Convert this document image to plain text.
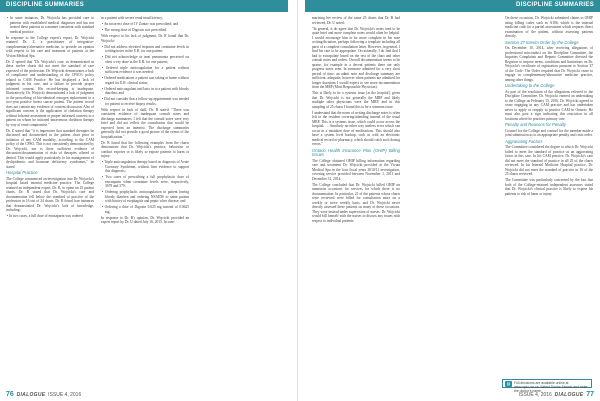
DISCIPLINE SUMMARIES	DISCIPLINE SUMMARIES

• In some instances, Dr. Wojcicki has provided care to patients with established medical diagnoses and has not treated these patients in a manner consistent with standard medical practice.

In response to the College expert's report, Dr. Wojcicki retained Dr. Z, a practitioner of integrative-complementary/alternative medicine, to provide an opinion with respect to his care and treatment of patients at the Vivian Medical Spa.

Dr. Z opined that "Dr. Wojcicki's care, as demonstrated in these twelve charts did not meet the standard of care expected of the profession. Dr. Wojcicki demonstrates a lack of compliance and understanding of the CPSO's policy related to CAM Practice. He has displayed a lack of judgment in his care, and a failure to provide proper informed consent. His record-keeping is inadequate. Illustratively, Dr. Wojcicki demonstrated a lack of judgment in the prescribing of bio-identical estrogen replacement to a two-year positive breast cancer patient. The patient record does not contain any evidence of consent discussion. Also of significant concern is the application of chelation therapy without fulsome assessment or proper informed consent; to a patient on whom he initiated intravenous chelation therapy by way of renal compromise."

Dr. Z stated that "it is imperative that standard therapies be discussed and documented in the patient chart prior to initiation of any CAM modality, according to the CAM policy of the CPSO. This is not consistently demonstrated by Dr. Wojcicki, nor is there sufficient evidence of discussion/documentation of risks of therapies offered or denied. This would apply particularly to his management of dyslipidemia, and hormone deficiency syndromes," he stated.

Hospital Practice

The College commenced an investigation into Dr. Wojcicki's hospital based internal medicine practice. The College retained an independent expert, Dr. R, to opine on 25 patient charts. Dr. R stated that Dr. Wojcicki's care and documentation fell below the standard of practice of the profession in 16 out of 24 charts. Dr. R found four instances that demonstrated Dr. Wojcicki's lack of knowledge, including:

• In two cases, a full dose of enoxaparin was ordered

in a patient with severe renal insufficiency;

• An incorrect dose of IV Zantac was prescribed; and

• The wrong dose of Digoxin was prescribed.

With respect to his lack of judgment, Dr. R found that Dr. Wojcicki:

• Did not address elevated troponin and creatinine levels in writing/notes in the E.R. for one patient;

• Did not acknowledge or treat pneumonia perceived on chest x-ray done in the E.R. for one patient;

• Ordered triple anticoagulation for a patient without sufficient evidence it was needed;

• Ordered medications a patient was taking at home without regard for E.R. clinical status;

• Ordered anticoagulant and lasix in to a patient with bloody diarrhea; and

• Did not consider that a follow-up appointment was needed for patient to receive biopsy results.

With respect to lack of skill, Dr. R stated: "There was consistent evidence of inadequate consult notes and discharge summaries. I felt that the consult notes were very brief and did not reflect the consultation that would be expected from an internist. The discharge summaries generally did not provide a good picture of the events of the hospitalization."

Dr. R found that the following examples from the charts demonstrate that Dr. Wojcicki's practice, behaviour or conduct exposes or is likely to expose patients to harm or injury:

• Triple anticoagulation therapy based on diagnosis of Acute Coronary Syndrome, without firm evidence to support this diagnosis;

• Two cases of prescribing a full prophylactic dose of enoxaparin when creatinine levels were, respectively, 3679 and 379;

• Ordering prophylactic anticoagulation in patient having bloody diarrhea and ordering NSAIDS to same patient with history of esophagitis and peptic ulcer disease; and

• Ordering a dose of Digoxin 0.625 mg instead of 0.0625 mg.

In response to Dr. R's opinion, Dr. Wojcicki provided an expert report by Dr. U dated July 16, 2015. In sum-

marizing her review of the same 25 charts that Dr. R had reviewed, Dr. U noted:

"In general, it do agree that Dr. Wojcicki's notes tend to be quite brief and more complete notes would often be helpful. I would encourage him to be more complete in his note writing/dictation, perhaps following a template including all parts of a complete consultation letter. However, in general, I find his care to be appropriate. Occasionally, I do find that I had to extrapolate based on the rest of the chart and other consult notes and orders. Overall documentation seems to be sparse, for example in a decent patients there are only progress notes seen. In someone admitted for a very short period of time, an admit note and discharge summary are sufficient, adequate; however when patients are admitted for longer durations I would expect to see more documentation from the MRP (Most Responsible Physician).

This is likely to be a systems issue [at the hospital], given that Dr. Wojcicki is not generally the MRP and likely multiple other physicians were the MRP, and in this sampling of 25 charts I found this to be a common issue.

I understand that the norm of writing discharge notes is often left to the resident covering/attending instead of the usual MRP. This is a systems issue, which could occur across the hospital. … Similarly no-other way uneless error which can occur in a mistaken dose of medications. This should also have a system level backup, such as with an electronic medical record or pharmacy, which should catch such dosing errors."

Ontario Health Insurance Plan (OHIP) Billing Issues

The College obtained OHIP billing information regarding care and treatment Dr. Wojcicki provided at the Vivian Medical Spa in the four fiscal years 2010/11 investigation, covering service provided between November 1, 2011 and December 31, 2014.

The College concluded that Dr. Wojcicki billed OHIP on numerous occasions for services for which there is no documentation. In particular, 21 of the patients whose charts were reviewed were billed for consultation more on a weekly or twice weekly basis, and Dr. Wojcicki never directly assessed these patients on many of these occasions. They were instead under supervision of nurses. Dr. Wojcicki would bill himself with the nurses to discuss any issues with respect to individual patients.

On these occasions, Dr. Wojcicki submitted claims to OHIP using billing codes such as A186, which is the internal medicine code for a partial assessment which requires direct examination of the patient, without assessing patients directly.

Section 37 Interim Order by the College

On December 10, 2014, after receiving allegations of professional misconduct on the Discipline Committee, the Inquiries Complaints and Reports Committee directed the Registrar to impose terms, conditions and limitations on Dr. Wojcicki's certificate of registration pursuant to Section 37 of the Code. The Order required that Dr. Wojcicki cease to engage in complementary/alternative medicine practice, among other things.

Undertaking to the College

As part of the resolution of the allegations referred to the Discipline Committee, Dr. Wojcicki entered an undertaking to the College on February 15, 2016. Dr. Wojcicki agreed to cease engaging in any CAM practice and has undertaken never to apply or reapply to practise CAM in Ontario. He must also post a sign indicating this restriction in all locations where he practises primary care.

Penalty and Reasons for Penalty

Counsel for the College and counsel for the member made a joint submission as to an appropriate penalty and costs order.

Aggravating Factors

The Committee considered the degree to which Dr. Wojcicki failed to meet the standard of practice as an aggravating factor in this case. In his CAM practice, Dr. Wojcicki's care did not meet the standard of practice in all 25 of the charts reviewed. In his Internal Medicine Hospital practice, Dr. Wojcicki did not meet the standard of practice in 16 of the 25 charts reviewed.

The Committee was particularly concerned by the fact that both of the College-retained independent assessors stated that Dr. Wojcicki's clinical practice is likely to expose his patients to risk of harm or injury.

▤	Full decisions are available online at www.cpso.on.ca. Select Doctor Search and enter the doctor's name.
76 DIALOGUE ISSUE 4, 2016	ISSUE 4, 2016 DIALOGUE 77
